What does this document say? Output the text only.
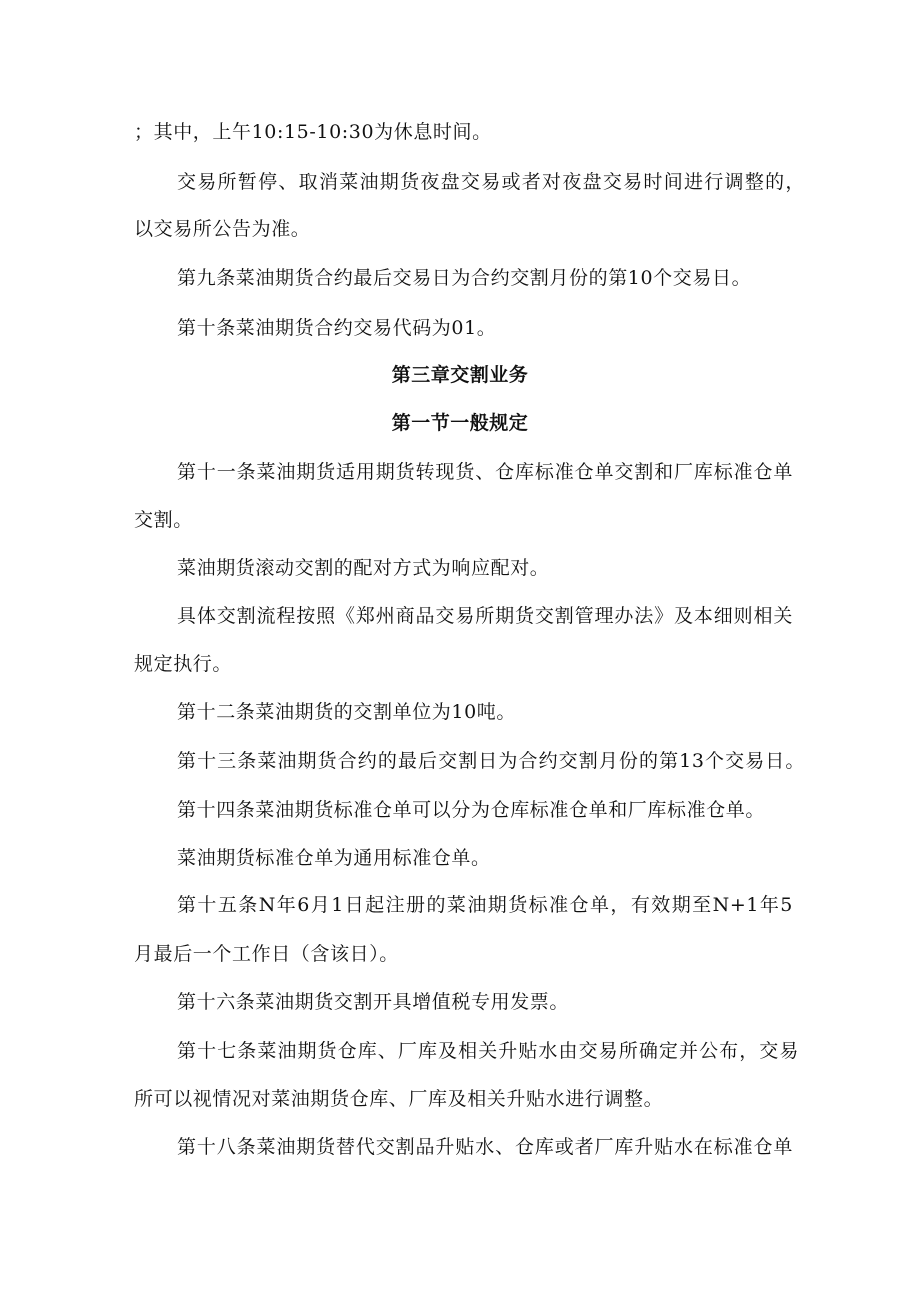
；其中，上午10:15-10:30为休息时间。
交易所暂停、取消菜油期货夜盘交易或者对夜盘交易时间进行调整的，
以交易所公告为准。
第九条菜油期货合约最后交易日为合约交割月份的第10个交易日。
第十条菜油期货合约交易代码为01。
第三章交割业务
第一节一般规定
第十一条菜油期货适用期货转现货、仓库标准仓单交割和厂库标准仓单
交割。
菜油期货滚动交割的配对方式为响应配对。
具体交割流程按照《郑州商品交易所期货交割管理办法》及本细则相关
规定执行。
第十二条菜油期货的交割单位为10吨。
第十三条菜油期货合约的最后交割日为合约交割月份的第13个交易日。
第十四条菜油期货标准仓单可以分为仓库标准仓单和厂库标准仓单。
菜油期货标准仓单为通用标准仓单。
第十五条N年6月1日起注册的菜油期货标准仓单，有效期至N+1年5
月最后一个工作日（含该日）。
第十六条菜油期货交割开具增值税专用发票。
第十七条菜油期货仓库、厂库及相关升贴水由交易所确定并公布，交易
所可以视情况对菜油期货仓库、厂库及相关升贴水进行调整。
第十八条菜油期货替代交割品升贴水、仓库或者厂库升贴水在标准仓单
